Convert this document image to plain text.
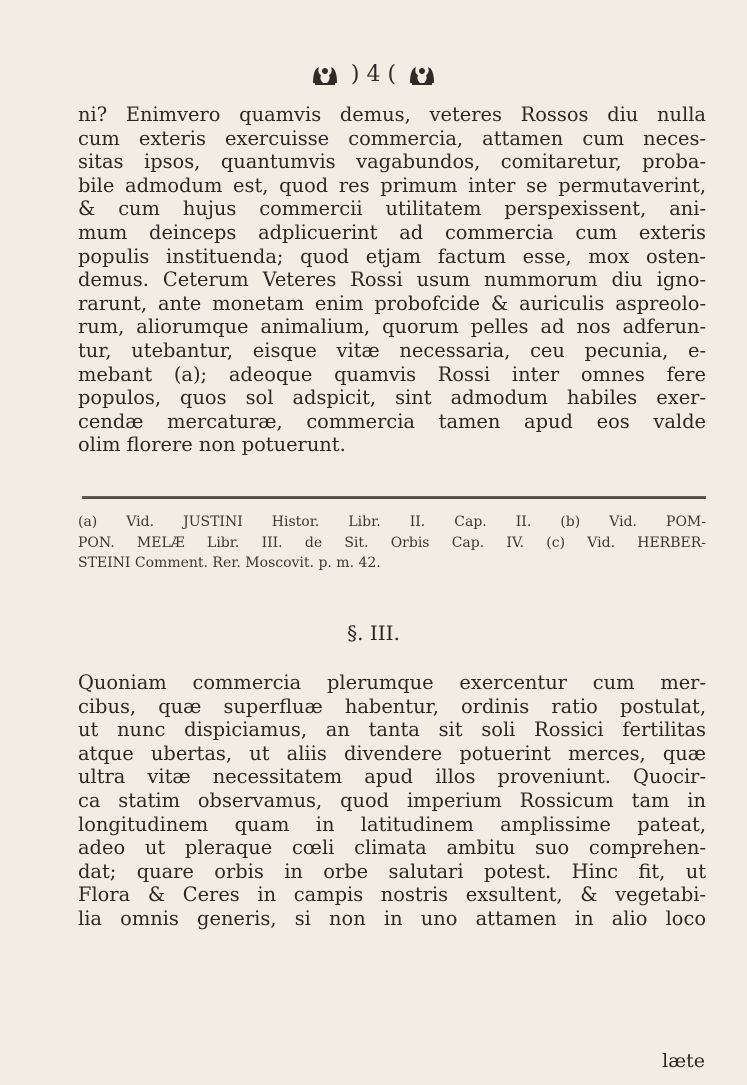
) 4 (
ni? Enimvero quamvis demus, veteres Rossos diu nulla
cum exteris exercuisse commercia, attamen cum neces-
sitas ipsos, quantumvis vagabundos, comitaretur, proba-
bile admodum est, quod res primum inter se permutaverint,
& cum hujus commercii utilitatem perspexissent, ani-
mum deinceps adplicuerint ad commercia cum exteris
populis instituenda; quod etjam factum esse, mox osten-
demus. Ceterum Veteres Rossi usum nummorum diu igno-
rarunt, ante monetam enim probofcide & auriculis aspreolo-
rum, aliorumque animalium, quorum pelles ad nos adferun-
tur, utebantur, eisque vitæ necessaria, ceu pecunia, e-
mebant (a); adeoque quamvis Rossi inter omnes fere
populos, quos sol adspicit, sint admodum habiles exer-
cendæ mercaturæ, commercia tamen apud eos valde
olim florere non potuerunt.
(a) Vid. JUSTINI Histor. Libr. II. Cap. II. (b) Vid. POM-
PON. MELÆ Libr. III. de Sit. Orbis Cap. IV. (c) Vid. HERBER-
STEINI Comment. Rer. Moscovit. p. m. 42.
§. III.
Quoniam commercia plerumque exercentur cum mer-
cibus, quæ superfluæ habentur, ordinis ratio postulat,
ut nunc dispiciamus, an tanta sit soli Rossici fertilitas
atque ubertas, ut aliis divendere potuerint merces, quæ
ultra vitæ necessitatem apud illos proveniunt. Quocir-
ca statim observamus, quod imperium Rossicum tam in
longitudinem quam in latitudinem amplissime pateat,
adeo ut pleraque cœli climata ambitu suo comprehen-
dat; quare orbis in orbe salutari potest. Hinc fit, ut
Flora & Ceres in campis nostris exsultent, & vegetabi-
lia omnis generis, si non in uno attamen in alio loco
læte
